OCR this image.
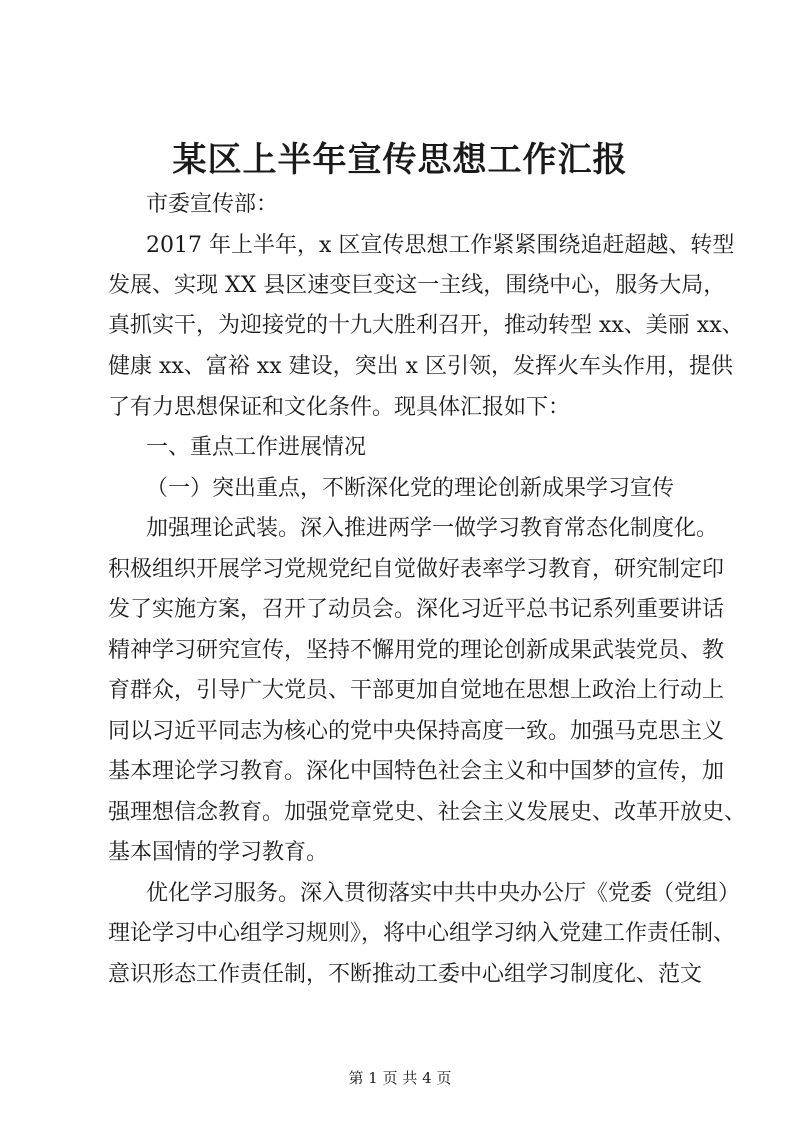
某区上半年宣传思想工作汇报
市委宣传部：
2017 年上半年，x 区宣传思想工作紧紧围绕追赶超越、转型
发展、实现 XX 县区速变巨变这一主线，围绕中心，服务大局，
真抓实干，为迎接党的十九大胜利召开，推动转型 xx、美丽 xx、
健康 xx、富裕 xx 建设，突出 x 区引领，发挥火车头作用，提供
了有力思想保证和文化条件。现具体汇报如下：
一、重点工作进展情况
（一）突出重点，不断深化党的理论创新成果学习宣传
加强理论武装。深入推进两学一做学习教育常态化制度化。
积极组织开展学习党规党纪自觉做好表率学习教育，研究制定印
发了实施方案，召开了动员会。深化习近平总书记系列重要讲话
精神学习研究宣传，坚持不懈用党的理论创新成果武装党员、教
育群众，引导广大党员、干部更加自觉地在思想上政治上行动上
同以习近平同志为核心的党中央保持高度一致。加强马克思主义
基本理论学习教育。深化中国特色社会主义和中国梦的宣传，加
强理想信念教育。加强党章党史、社会主义发展史、改革开放史、
基本国情的学习教育。
优化学习服务。深入贯彻落实中共中央办公厅《党委（党组）
理论学习中心组学习规则》，将中心组学习纳入党建工作责任制、
意识形态工作责任制，不断推动工委中心组学习制度化、范文
第 1 页 共 4 页
